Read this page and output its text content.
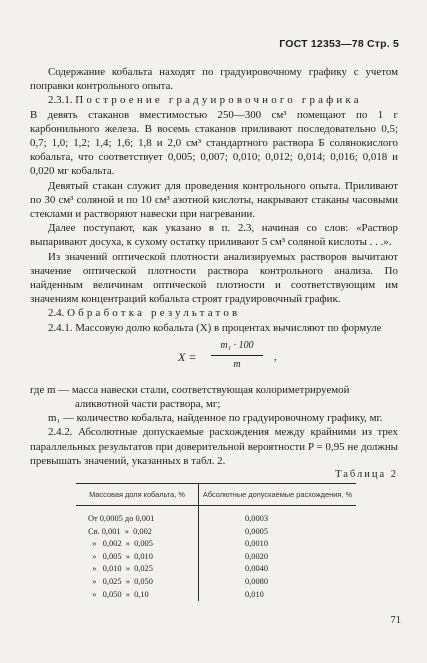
ГОСТ 12353—78 Стр. 5

Содержание кобальта находят по градуировочному графику с учетом поправки контрольного опыта.

2.3.1. Построение градуировочного графика

В девять стаканов вместимостью 250—300 см³ помещают по 1 г карбонильного железа. В восемь стаканов приливают последовательно 0,5; 0,7; 1,0; 1,2; 1,4; 1,6; 1,8 и 2,0 см³ стандартного раствора Б солянокислого кобальта, что соответствует 0,005; 0,007; 0,010; 0,012; 0,014; 0,016; 0,018 и 0,020 мг кобальта.

Девятый стакан служит для проведения контрольного опыта. Приливают по 30 см³ соляной и по 10 см³ азотной кислоты, накрывают стаканы часовыми стеклами и растворяют навески при нагревании.

Далее поступают, как указано в п. 2.3, начиная со слов: «Раствор выпаривают досуха, к сухому остатку приливают 5 см³ соляной кислоты . . .».

Из значений оптической плотности анализируемых растворов вычитают значение оптической плотности раствора контрольного анализа. По найденным величинам оптической плотности и соответствующим им значениям концентраций кобальта строят градуировочный график.

2.4. Обработка результатов

2.4.1. Массовую долю кобальта (X) в процентах вычисляют по формуле

$X = \frac{\text{m₁ · 100}}{m}$ ,

где m — масса навески стали, соответствующая колориметрируемой

аликвотной части раствора, мг;

m₁ — количество кобальта, найденное по градуировочному графику, мг.

2.4.2. Абсолютные допускаемые расхождения между крайними из трех параллельных результатов при доверительной вероятности P = 0,95 не должны превышать значений, указанных в табл. 2.

Таблица 2

Массовая доля кобальта, %	Абсолютные допускаемые расхождения, %
От 0,0005 до 0,001	0,0003
Св. 0,001  »  0,002	0,0005
»   0,002  »  0,005	0,0010
»   0,005  »  0,010	0,0020
»   0,010  »  0,025	0,0040
»   0,025  »  0,050	0,0080
»   0,050  »  0,10	0,010
71
